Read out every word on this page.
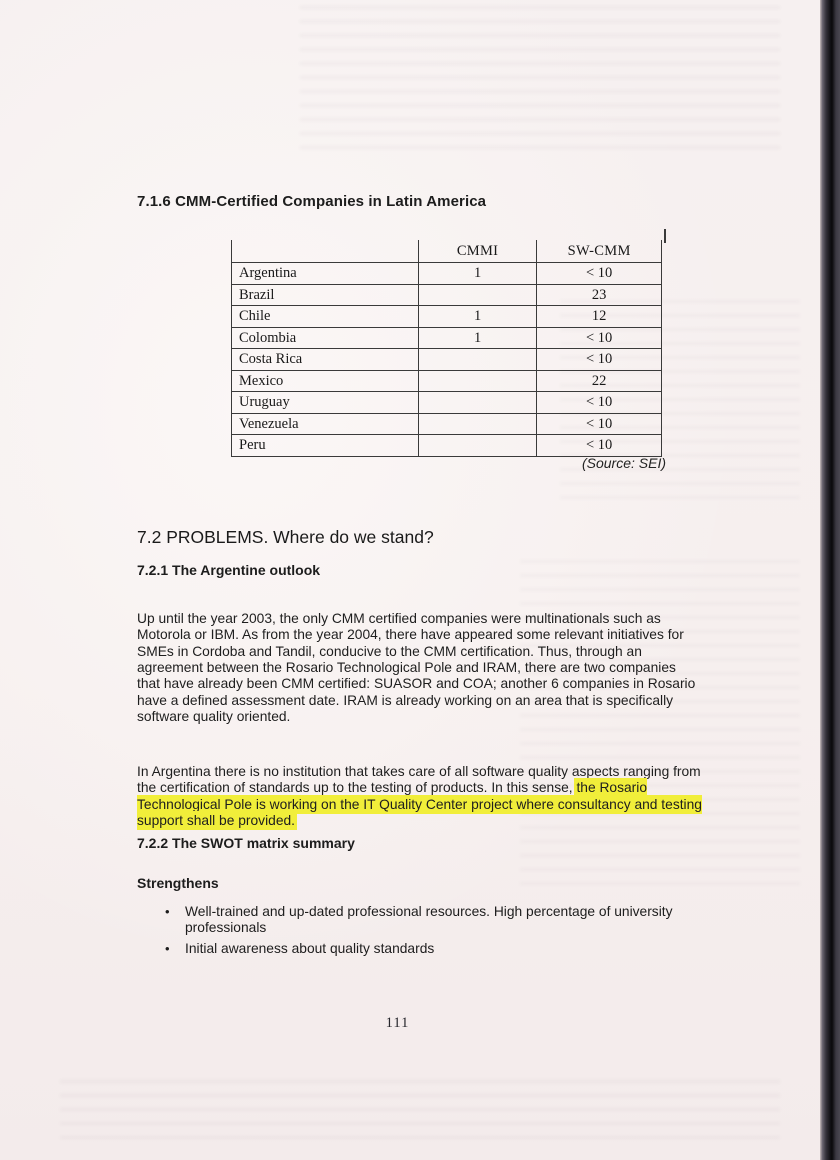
7.1.6 CMM-Certified Companies in Latin America
	CMMI	SW-CMM
Argentina	1	< 10
Brazil		23
Chile	1	12
Colombia	1	< 10
Costa Rica		< 10
Mexico		22
Uruguay		< 10
Venezuela		< 10
Peru		< 10
(Source: SEI)
7.2 PROBLEMS. Where do we stand?
7.2.1 The Argentine outlook

Up until the year 2003, the only CMM certified companies were multinationals such as Motorola or IBM. As from the year 2004, there have appeared some relevant initiatives for SMEs in Cordoba and Tandil, conducive to the CMM certification. Thus, through an agreement between the Rosario Technological Pole and IRAM, there are two companies that have already been CMM certified: SUASOR and COA; another 6 companies in Rosario have a defined assessment date. IRAM is already working on an area that is specifically software quality oriented.

In Argentina there is no institution that takes care of all software quality aspects ranging from the certification of standards up to the testing of products. In this sense, the Rosario Technological Pole is working on the IT Quality Center project where consultancy and testing support shall be provided.

7.2.2 The SWOT matrix summary
Strengthens
•	Well-trained and up-dated professional resources. High percentage of university professionals
•	Initial awareness about quality standards
111
